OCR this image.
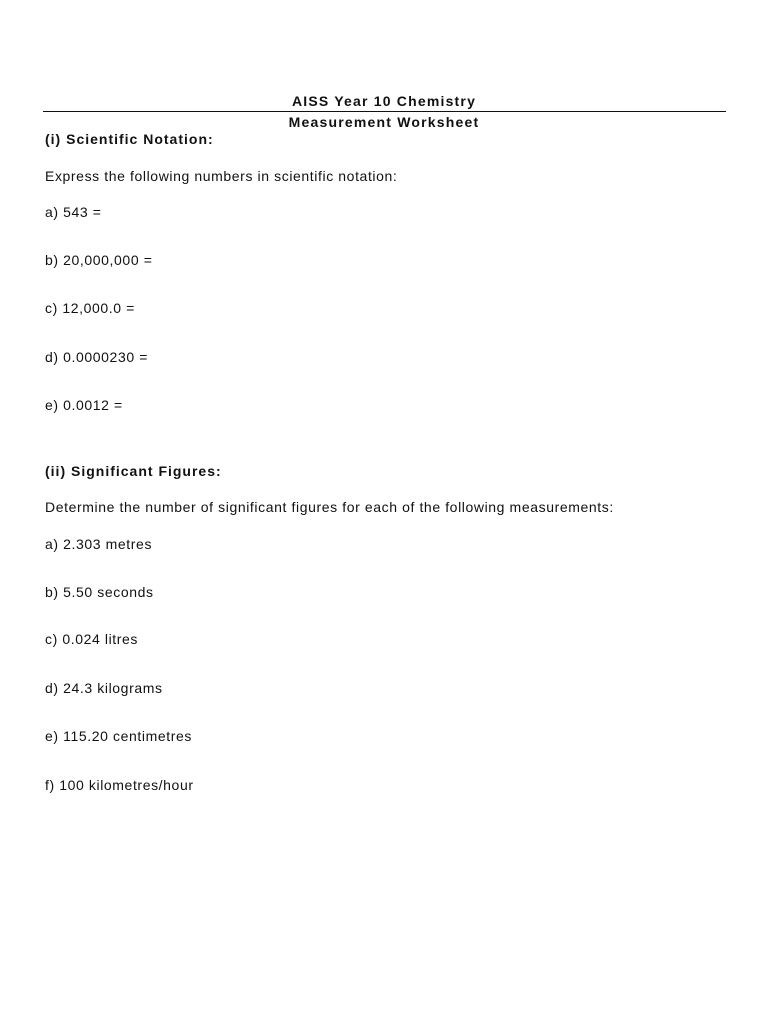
AISS Year 10 Chemistry
Measurement Worksheet
(i) Scientific Notation:
Express the following numbers in scientific notation:
a) 543 =
b) 20,000,000 =
c) 12,000.0 =
d) 0.0000230 =
e) 0.0012 =
(ii) Significant Figures:
Determine the number of significant figures for each of the following measurements:
a) 2.303 metres
b) 5.50 seconds
c) 0.024 litres
d) 24.3 kilograms
e) 115.20 centimetres
f) 100 kilometres/hour
